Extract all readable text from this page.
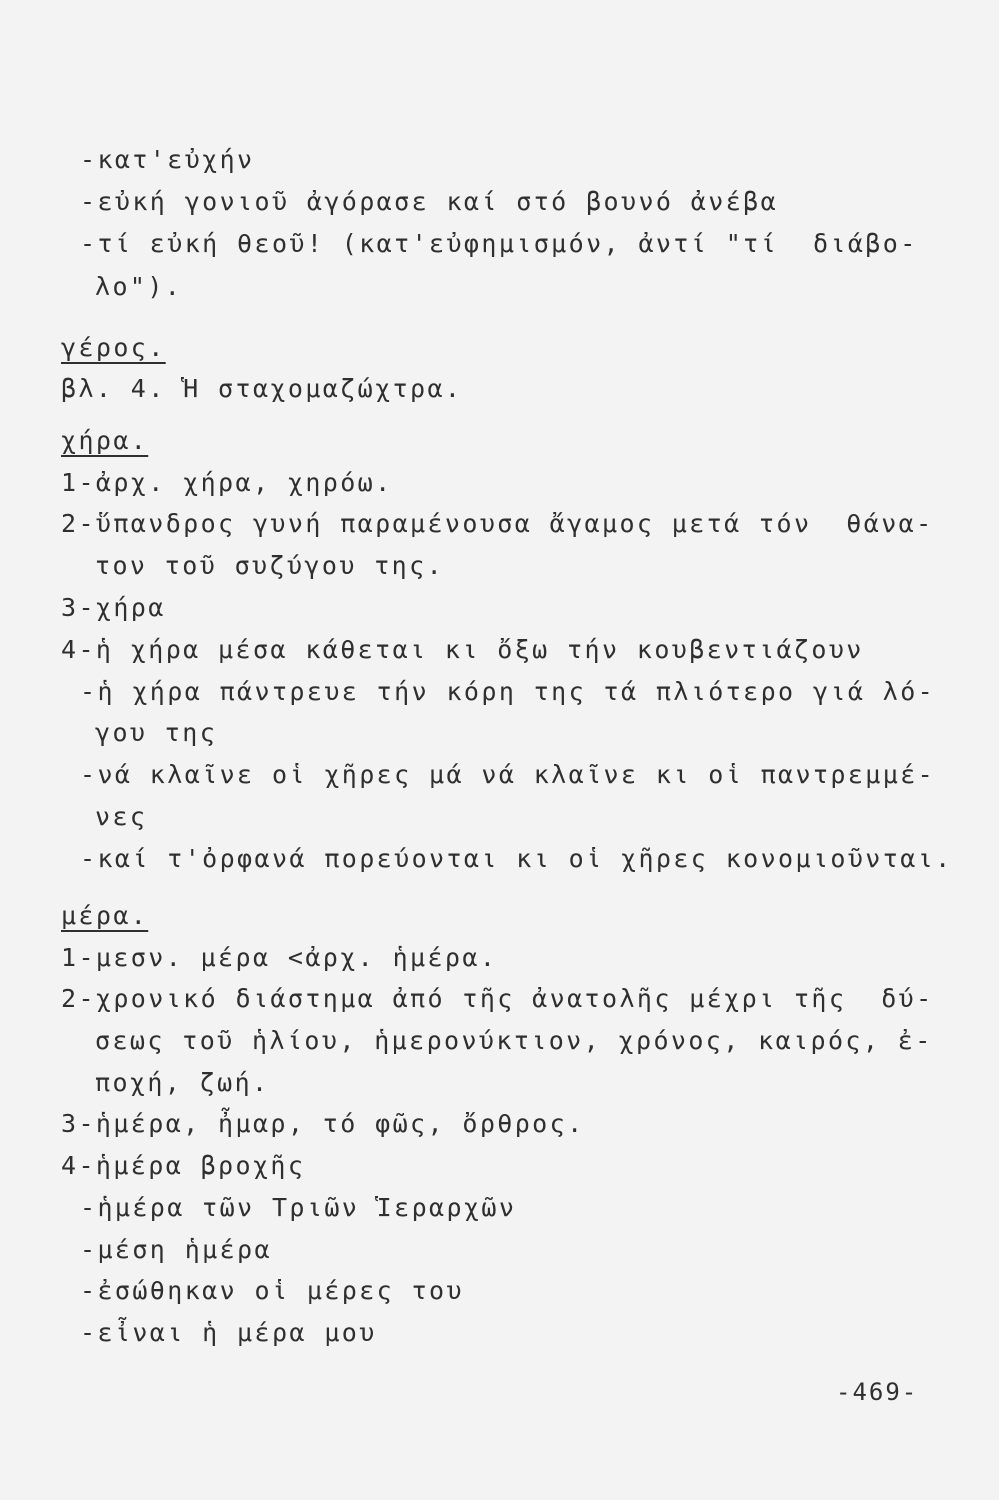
-κατ'εὐχήν
-εὐκή γονιοῦ ἀγόρασε καί στό βουνό ἀνέβα
-τί εὐκή θεοῦ! (κατ'εὐφημισμόν, ἀντί "τί  διάβο-
λο").
γέρος.
βλ. 4. Ἡ σταχομαζώχτρα.
χήρα.
1-ἀρχ. χήρα, χηρόω.
2-ὕπανδρος γυνή παραμένουσα ἄγαμος μετά τόν  θάνα-
τον τοῦ συζύγου της.
3-χήρα
4-ἡ χήρα μέσα κάθεται κι ὄξω τήν κουβεντιάζουν
-ἡ χήρα πάντρευε τήν κόρη της τά πλιότερο γιά λό-
γου της
-νά κλαῖνε οἱ χῆρες μά νά κλαῖνε κι οἱ παντρεμμέ-
νες
-καί τ'ὀρφανά πορεύονται κι οἱ χῆρες κονομιοῦνται.
μέρα.
1-μεσν. μέρα <ἀρχ. ἡμέρα.
2-χρονικό διάστημα ἀπό τῆς ἀνατολῆς μέχρι τῆς  δύ-
σεως τοῦ ἡλίου, ἡμερονύκτιον, χρόνος, καιρός, ἐ-
ποχή, ζωή.
3-ἡμέρα, ἦμαρ, τό φῶς, ὄρθρος.
4-ἡμέρα βροχῆς
-ἡμέρα τῶν Τριῶν Ἱεραρχῶν
-μέση ἡμέρα
-ἐσώθηκαν οἱ μέρες του
-εἶναι ἡ μέρα μου
-469-
